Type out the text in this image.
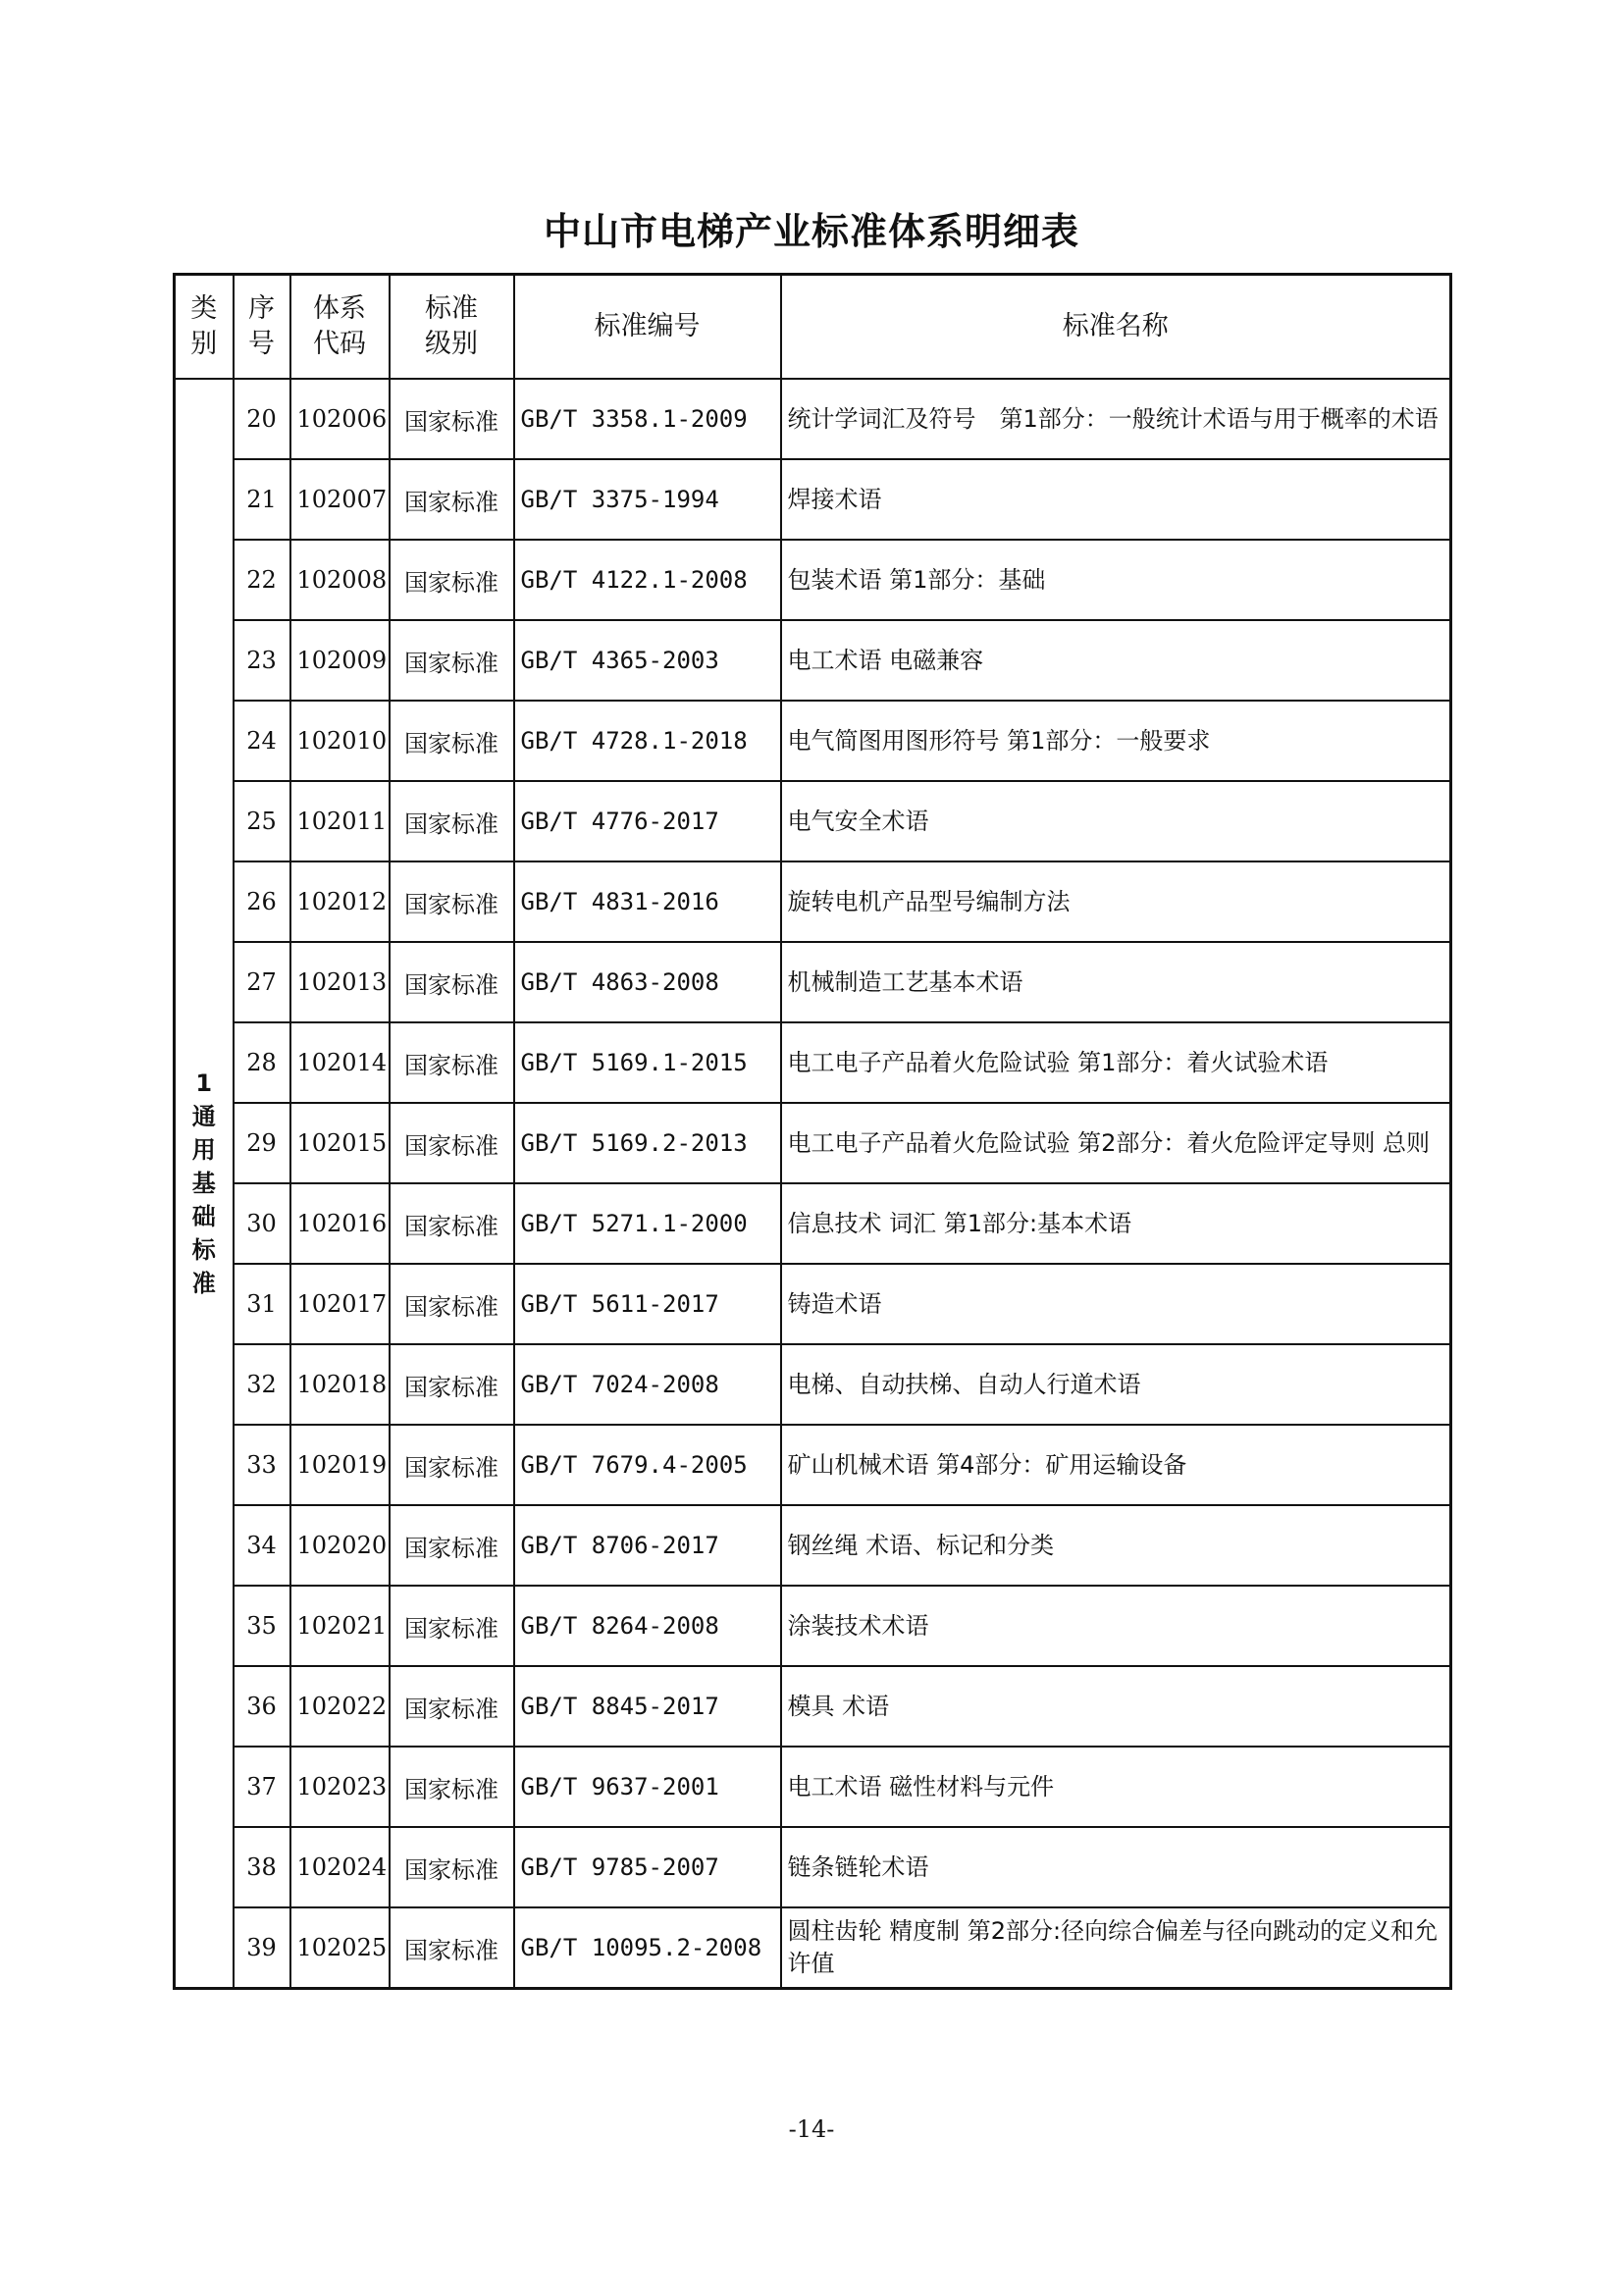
中山市电梯产业标准体系明细表
类别	序号	体系代码	标准级别	标准编号	标准名称
1通用基础标准	20	102006	国家标准	GB/T 3358.1-2009	统计学词汇及符号　第1部分：一般统计术语与用于概率的术语
	21	102007	国家标准	GB/T 3375-1994	焊接术语
	22	102008	国家标准	GB/T 4122.1-2008	包装术语 第1部分：基础
	23	102009	国家标准	GB/T 4365-2003	电工术语 电磁兼容
	24	102010	国家标准	GB/T 4728.1-2018	电气简图用图形符号 第1部分：一般要求
	25	102011	国家标准	GB/T 4776-2017	电气安全术语
	26	102012	国家标准	GB/T 4831-2016	旋转电机产品型号编制方法
	27	102013	国家标准	GB/T 4863-2008	机械制造工艺基本术语
	28	102014	国家标准	GB/T 5169.1-2015	电工电子产品着火危险试验 第1部分：着火试验术语
	29	102015	国家标准	GB/T 5169.2-2013	电工电子产品着火危险试验 第2部分：着火危险评定导则 总则
	30	102016	国家标准	GB/T 5271.1-2000	信息技术 词汇 第1部分:基本术语
	31	102017	国家标准	GB/T 5611-2017	铸造术语
	32	102018	国家标准	GB/T 7024-2008	电梯、自动扶梯、自动人行道术语
	33	102019	国家标准	GB/T 7679.4-2005	矿山机械术语 第4部分：矿用运输设备
	34	102020	国家标准	GB/T 8706-2017	钢丝绳 术语、标记和分类
	35	102021	国家标准	GB/T 8264-2008	涂装技术术语
	36	102022	国家标准	GB/T 8845-2017	模具 术语
	37	102023	国家标准	GB/T 9637-2001	电工术语 磁性材料与元件
	38	102024	国家标准	GB/T 9785-2007	链条链轮术语
	39	102025	国家标准	GB/T 10095.2-2008	圆柱齿轮 精度制 第2部分:径向综合偏差与径向跳动的定义和允许值
-14-
